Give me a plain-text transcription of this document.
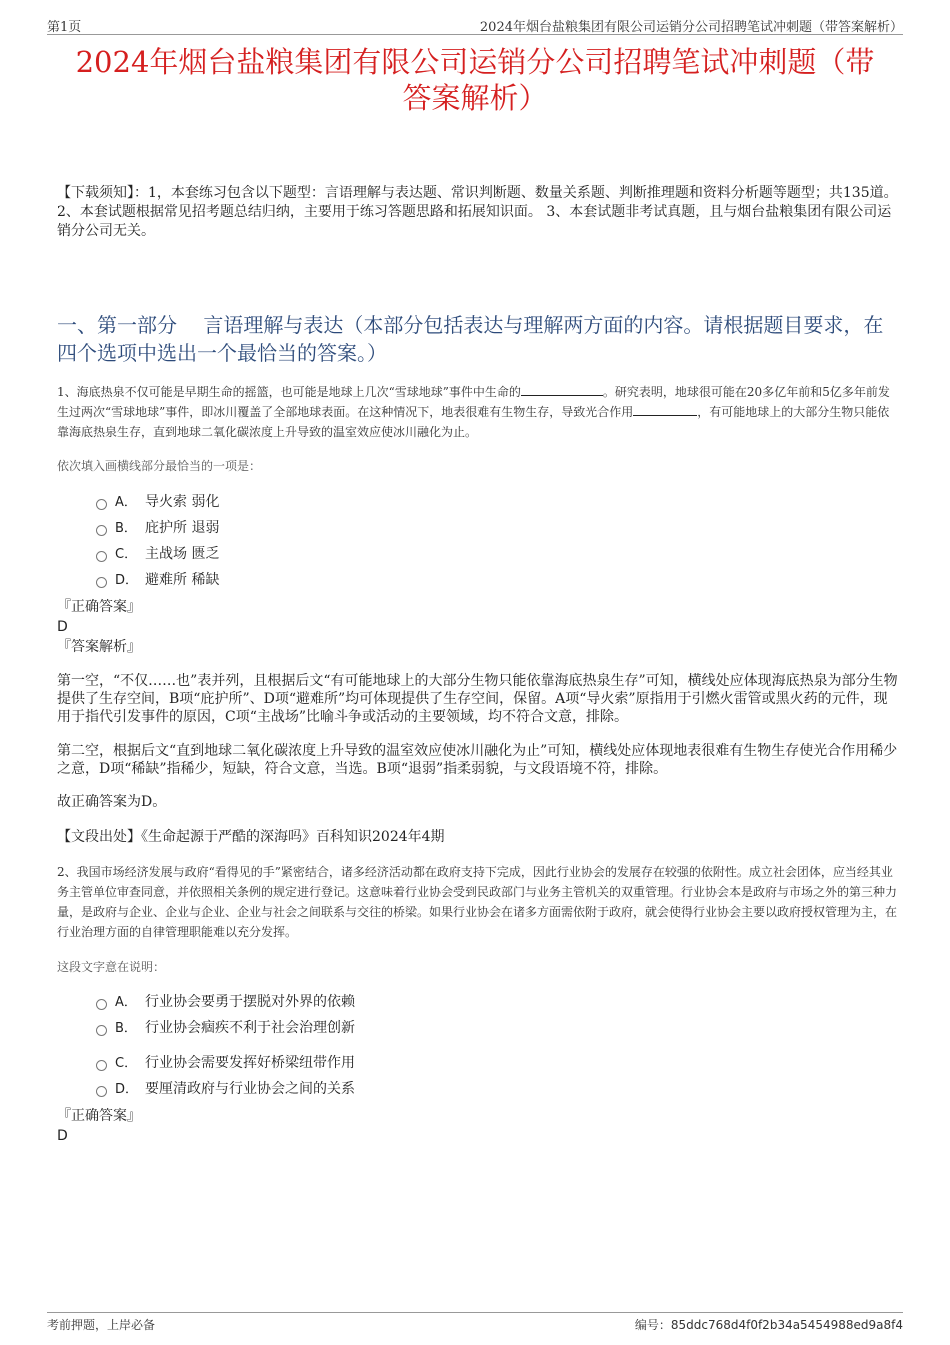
第1页	2024年烟台盐粮集团有限公司运销分公司招聘笔试冲刺题（带答案解析）
2024年烟台盐粮集团有限公司运销分公司招聘笔试冲刺题（带
答案解析）
【下载须知】：1，本套练习包含以下题型：言语理解与表达题、常识判断题、数量关系题、判断推理题和资料分析题等题型；共135道。 2、本套试题根据常见招考题总结归纳，主要用于练习答题思路和拓展知识面。 3、本套试题非考试真题，且与烟台盐粮集团有限公司运销分公司无关。
一、第一部分　 言语理解与表达（本部分包括表达与理解两方面的内容。请根据题目要求，在四个选项中选出一个最恰当的答案。）
1、海底热泉不仅可能是早期生命的摇篮，也可能是地球上几次“雪球地球”事件中生命的	。研究表明，地球很可能在20多亿年前和5亿多年前发生过两次“雪球地球”事件，即冰川覆盖了全部地球表面。在这种情况下，地表很难有生物生存，导致光合作用	，有可能地球上的大部分生物只能依靠海底热泉生存，直到地球二氧化碳浓度上升导致的温室效应使冰川融化为止。
依次填入画横线部分最恰当的一项是：
A． 导火索 弱化
B． 庇护所 退弱
C． 主战场 匮乏
D． 避难所 稀缺
『正确答案』
D
『答案解析』
第一空，“不仅……也”表并列，且根据后文“有可能地球上的大部分生物只能依靠海底热泉生存”可知，横线处应体现海底热泉为部分生物提供了生存空间，B项“庇护所”、D项“避难所”均可体现提供了生存空间，保留。A项“导火索”原指用于引燃火雷管或黑火药的元件，现用于指代引发事件的原因，C项“主战场”比喻斗争或活动的主要领域，均不符合文意，排除。
第二空，根据后文“直到地球二氧化碳浓度上升导致的温室效应使冰川融化为止”可知，横线处应体现地表很难有生物生存使光合作用稀少之意，D项“稀缺”指稀少，短缺，符合文意，当选。B项“退弱”指柔弱貌，与文段语境不符，排除。
故正确答案为D。
【文段出处】《生命起源于严酷的深海吗》百科知识2024年4期
2、我国市场经济发展与政府“看得见的手”紧密结合，诸多经济活动都在政府支持下完成，因此行业协会的发展存在较强的依附性。成立社会团体，应当经其业务主管单位审查同意，并依照相关条例的规定进行登记。这意味着行业协会受到民政部门与业务主管机关的双重管理。行业协会本是政府与市场之外的第三种力量，是政府与企业、企业与企业、企业与社会之间联系与交往的桥梁。如果行业协会在诸多方面需依附于政府，就会使得行业协会主要以政府授权管理为主，在行业治理方面的自律管理职能难以充分发挥。
这段文字意在说明：
A． 行业协会要勇于摆脱对外界的依赖
B． 行业协会痼疾不利于社会治理创新
C． 行业协会需要发挥好桥梁纽带作用
D． 要厘清政府与行业协会之间的关系
『正确答案』
D
考前押题，上岸必备	编号：85ddc768d4f0f2b34a5454988ed9a8f4
